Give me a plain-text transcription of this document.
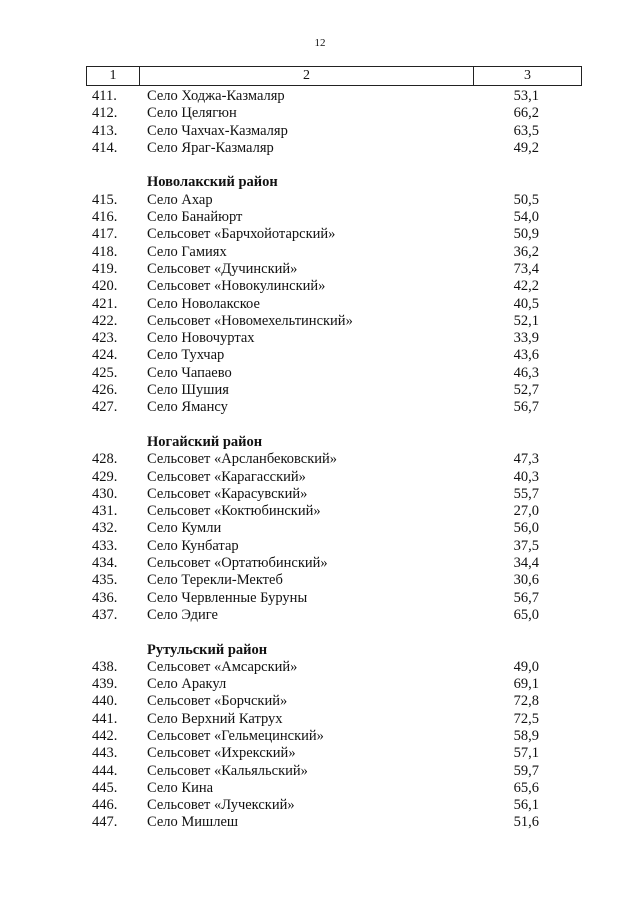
12
1	2	3
411.	Село Ходжа-Казмаляр	53,1
412.	Село Целягюн	66,2
413.	Село Чахчах-Казмаляр	63,5
414.	Село Яраг-Казмаляр	49,2
Новолакский район
415.	Село Ахар	50,5
416.	Село Банайюрт	54,0
417.	Сельсовет «Барчхойотарский»	50,9
418.	Село Гамиях	36,2
419.	Сельсовет «Дучинский»	73,4
420.	Сельсовет «Новокулинский»	42,2
421.	Село Новолакское	40,5
422.	Сельсовет «Новомехельтинский»	52,1
423.	Село Новочуртах	33,9
424.	Село Тухчар	43,6
425.	Село Чапаево	46,3
426.	Село Шушия	52,7
427.	Село Ямансу	56,7
Ногайский район
428.	Сельсовет «Арсланбековский»	47,3
429.	Сельсовет «Карагасский»	40,3
430.	Сельсовет «Карасувский»	55,7
431.	Сельсовет «Коктюбинский»	27,0
432.	Село Кумли	56,0
433.	Село Кунбатар	37,5
434.	Сельсовет «Ортатюбинский»	34,4
435.	Село Терекли-Мектеб	30,6
436.	Село Червленные Буруны	56,7
437.	Село Эдиге	65,0
Рутульский район
438.	Сельсовет «Амсарский»	49,0
439.	Село Аракул	69,1
440.	Сельсовет «Борчский»	72,8
441.	Село Верхний Катрух	72,5
442.	Сельсовет «Гельмецинский»	58,9
443.	Сельсовет «Ихрекский»	57,1
444.	Сельсовет «Кальяльский»	59,7
445.	Село Кина	65,6
446.	Сельсовет «Лучекский»	56,1
447.	Село Мишлеш	51,6
